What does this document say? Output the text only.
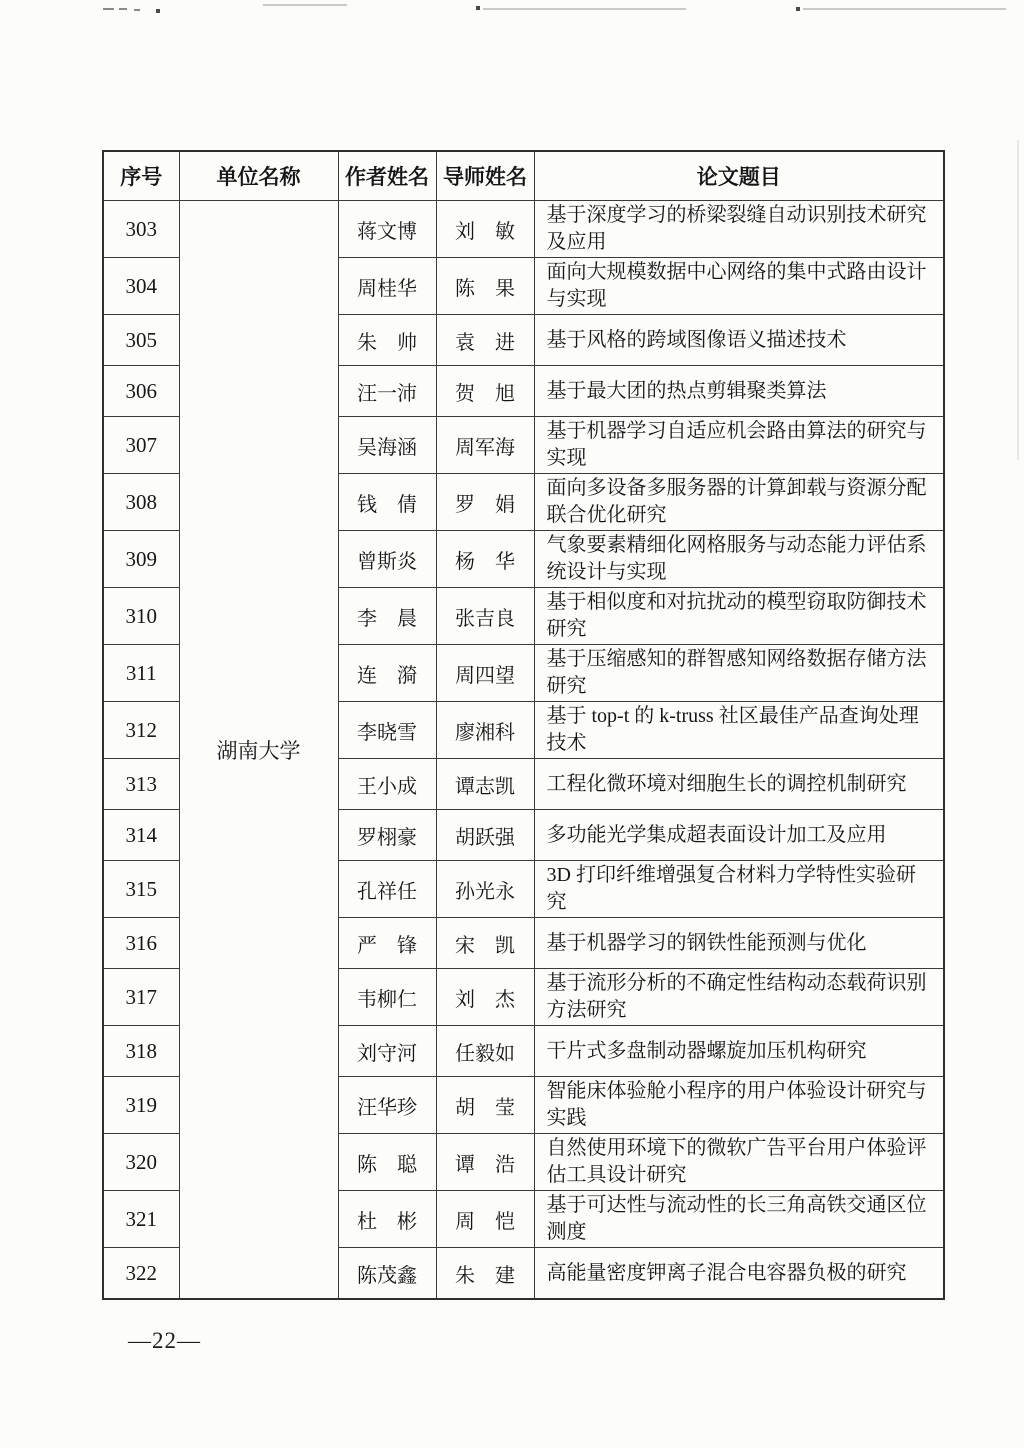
序号	单位名称	作者姓名	导师姓名	论文题目
303	湖南大学	蒋文博	刘　敏	基于深度学习的桥梁裂缝自动识别技术研究及应用
304		周桂华	陈　果	面向大规模数据中心网络的集中式路由设计与实现
305		朱　帅	袁　进	基于风格的跨域图像语义描述技术
306		汪一沛	贺　旭	基于最大团的热点剪辑聚类算法
307		吴海涵	周军海	基于机器学习自适应机会路由算法的研究与实现
308		钱　倩	罗　娟	面向多设备多服务器的计算卸载与资源分配联合优化研究
309		曾斯炎	杨　华	气象要素精细化网格服务与动态能力评估系统设计与实现
310		李　晨	张吉良	基于相似度和对抗扰动的模型窃取防御技术研究
311		连　漪	周四望	基于压缩感知的群智感知网络数据存储方法研究
312		李晓雪	廖湘科	基于 top-t 的 k-truss 社区最佳产品查询处理技术
313		王小成	谭志凯	工程化微环境对细胞生长的调控机制研究
314		罗栩豪	胡跃强	多功能光学集成超表面设计加工及应用
315		孔祥任	孙光永	3D 打印纤维增强复合材料力学特性实验研究
316		严　锋	宋　凯	基于机器学习的钢铁性能预测与优化
317		韦柳仁	刘　杰	基于流形分析的不确定性结构动态载荷识别方法研究
318		刘守河	任毅如	干片式多盘制动器螺旋加压机构研究
319		汪华珍	胡　莹	智能床体验舱小程序的用户体验设计研究与实践
320		陈　聪	谭　浩	自然使用环境下的微软广告平台用户体验评估工具设计研究
321		杜　彬	周　恺	基于可达性与流动性的长三角高铁交通区位测度
322		陈茂鑫	朱　建	高能量密度钾离子混合电容器负极的研究
—22—
